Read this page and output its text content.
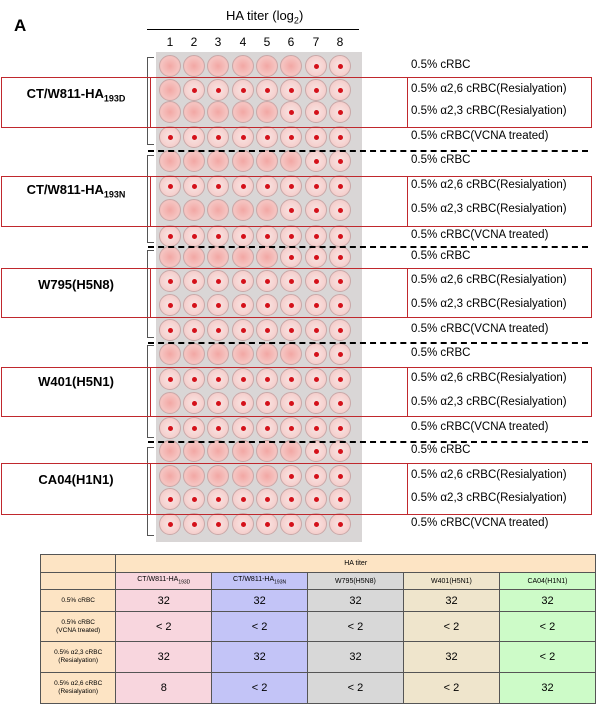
A
HA titer $(\log_2)$
1	2	3	4	5	6	7	8
0.5% cRBC
0.5% α2,6 cRBC(Resialyation)
0.5% α2,3 cRBC(Resialyation)
0.5% cRBC(VCNA treated)
$CT/W811-HA_{193D}$
0.5% cRBC
0.5% α2,6 cRBC(Resialyation)
0.5% α2,3 cRBC(Resialyation)
0.5% cRBC(VCNA treated)
$CT/W811-HA_{193N}$
0.5% cRBC
0.5% α2,6 cRBC(Resialyation)
0.5% α2,3 cRBC(Resialyation)
0.5% cRBC(VCNA treated)
W795(H5N8)
0.5% cRBC
0.5% α2,6 cRBC(Resialyation)
0.5% α2,3 cRBC(Resialyation)
0.5% cRBC(VCNA treated)
W401(H5N1)
0.5% cRBC
0.5% α2,6 cRBC(Resialyation)
0.5% α2,3 cRBC(Resialyation)
0.5% cRBC(VCNA treated)
CA04(H1N1)
	HA titer				
	$CT/W811-HA_{193D}$	$CT/W811-HA_{193N}$	W795(H5N8)	W401(H5N1)	CA04(H1N1)
0.5% cRBC	32	32	32	32	32
0.5% cRBC
(VCNA treated)	< 2	< 2	< 2	< 2	< 2
0.5% α2,3 cRBC
(Resialyation)	32	32	32	32	< 2
0.5% α2,6 cRBC
(Resialyation)	8	< 2	< 2	< 2	32
